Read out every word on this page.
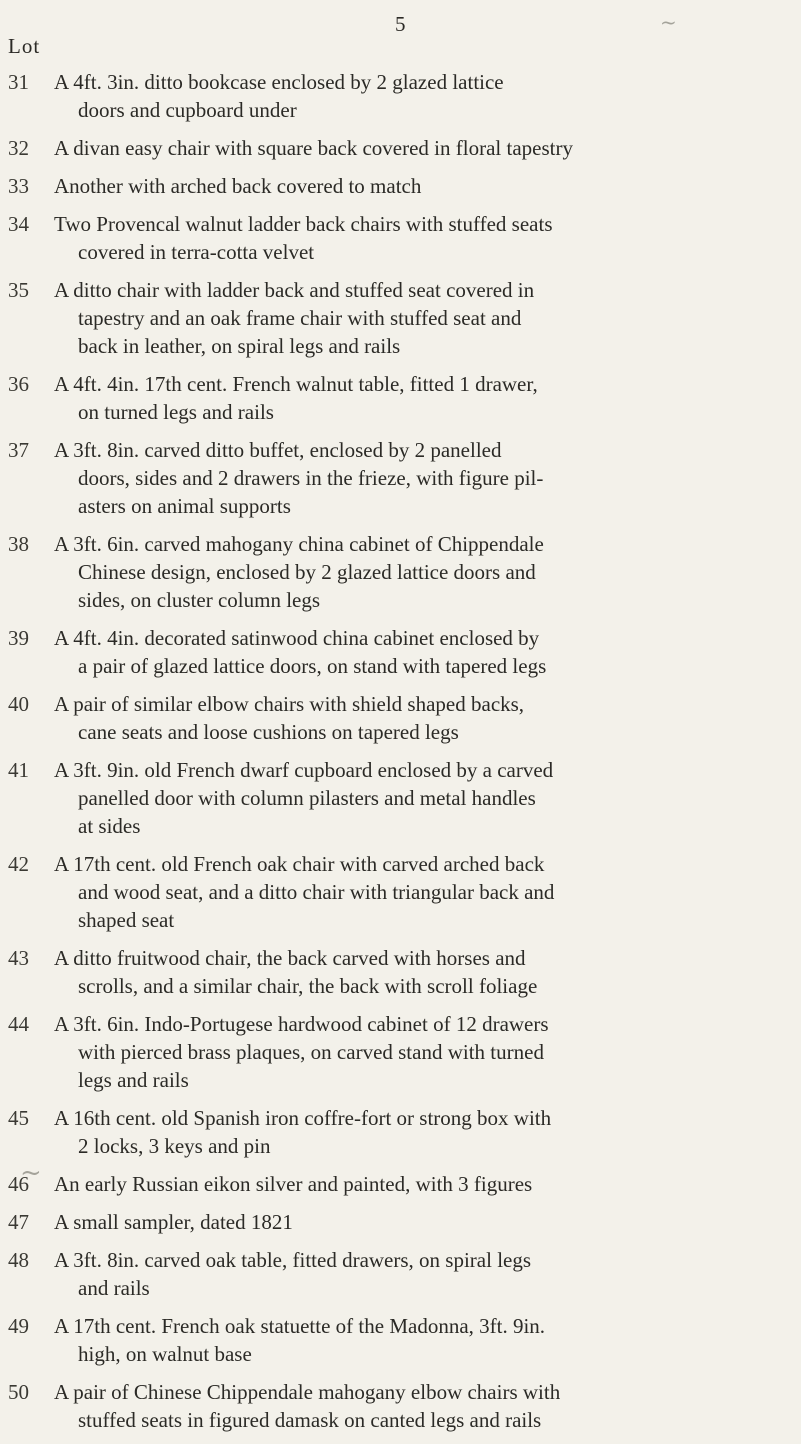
5
Lot
31	A 4ft. 3in. ditto bookcase enclosed by 2 glazed lattice
doors and cupboard under
32	A divan easy chair with square back covered in floral tapestry
33	Another with arched back covered to match
34	Two Provencal walnut ladder back chairs with stuffed seats
covered in terra-cotta velvet
35	A ditto chair with ladder back and stuffed seat covered in
tapestry and an oak frame chair with stuffed seat and
back in leather, on spiral legs and rails
36	A 4ft. 4in. 17th cent. French walnut table, fitted 1 drawer,
on turned legs and rails
37	A 3ft. 8in. carved ditto buffet, enclosed by 2 panelled
doors, sides and 2 drawers in the frieze, with figure pil-
asters on animal supports
38	A 3ft. 6in. carved mahogany china cabinet of Chippendale
Chinese design, enclosed by 2 glazed lattice doors and
sides, on cluster column legs
39	A 4ft. 4in. decorated satinwood china cabinet enclosed by
a pair of glazed lattice doors, on stand with tapered legs
40	A pair of similar elbow chairs with shield shaped backs,
cane seats and loose cushions on tapered legs
41	A 3ft. 9in. old French dwarf cupboard enclosed by a carved
panelled door with column pilasters and metal handles
at sides
42	A 17th cent. old French oak chair with carved arched back
and wood seat, and a ditto chair with triangular back and
shaped seat
43	A ditto fruitwood chair, the back carved with horses and
scrolls, and a similar chair, the back with scroll foliage
44	A 3ft. 6in. Indo-Portugese hardwood cabinet of 12 drawers
with pierced brass plaques, on carved stand with turned
legs and rails
45	A 16th cent. old Spanish iron coffre-fort or strong box with
2 locks, 3 keys and pin
46	An early Russian eikon silver and painted, with 3 figures
47	A small sampler, dated 1821
48	A 3ft. 8in. carved oak table, fitted drawers, on spiral legs
and rails
49	A 17th cent. French oak statuette of the Madonna, 3ft. 9in.
high, on walnut base
50	A pair of Chinese Chippendale mahogany elbow chairs with
stuffed seats in figured damask on canted legs and rails
~
~
